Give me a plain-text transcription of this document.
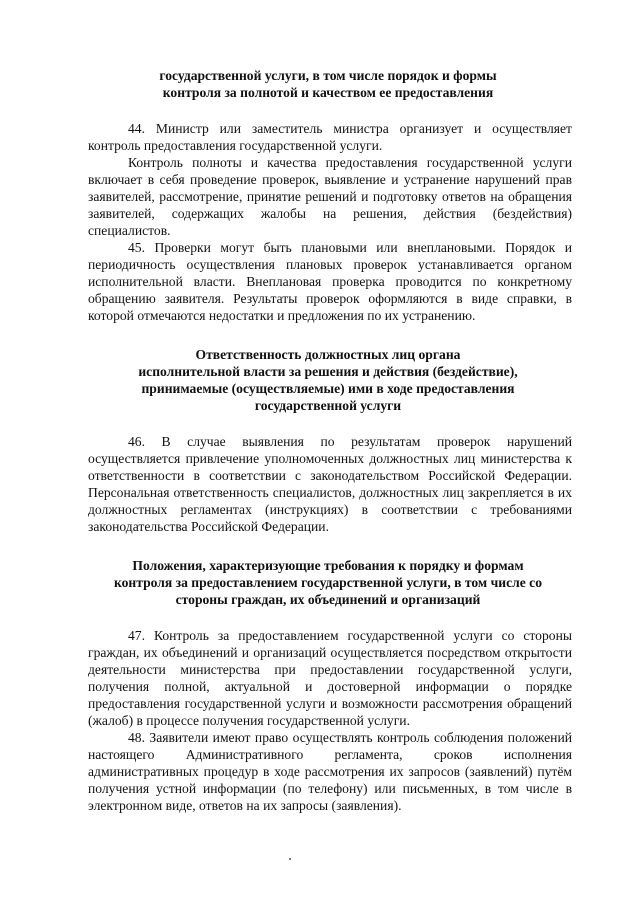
государственной услуги, в том числе порядок и формы
контроля за полнотой и качеством ее предоставления

44. Министр или заместитель министра организует и осуществляет контроль предоставления государственной услуги.

Контроль полноты и качества предоставления государственной услуги включает в себя проведение проверок, выявление и устранение нарушений прав заявителей, рассмотрение, принятие решений и подготовку ответов на обращения заявителей, содержащих жалобы на решения, действия (бездействия) специалистов.

45. Проверки могут быть плановыми или внеплановыми. Порядок и периодичность осуществления плановых проверок устанавливается органом исполнительной власти. Внеплановая проверка проводится по конкретному обращению заявителя. Результаты проверок оформляются в виде справки, в которой отмечаются недостатки и предложения по их устранению.

Ответственность должностных лиц органа
исполнительной власти за решения и действия (бездействие),
принимаемые (осуществляемые) ими в ходе предоставления
государственной услуги

46. В случае выявления по результатам проверок нарушений осуществляется привлечение уполномоченных должностных лиц министерства к ответственности в соответствии с законодательством Российской Федерации. Персональная ответственность специалистов, должностных лиц закрепляется в их должностных регламентах (инструкциях) в соответствии с требованиями законодательства Российской Федерации.

Положения, характеризующие требования к порядку и формам
контроля за предоставлением государственной услуги, в том числе со
стороны граждан, их объединений и организаций

47. Контроль за предоставлением государственной услуги со стороны граждан, их объединений и организаций осуществляется посредством открытости деятельности министерства при предоставлении государственной услуги, получения полной, актуальной и достоверной информации о порядке предоставления государственной услуги и возможности рассмотрения обращений (жалоб) в процессе получения государственной услуги.

48. Заявители имеют право осуществлять контроль соблюдения положений настоящего Административного регламента, сроков исполнения административных процедур в ходе рассмотрения их запросов (заявлений) путём получения устной информации (по телефону) или письменных, в том числе в электронном виде, ответов на их запросы (заявления).
